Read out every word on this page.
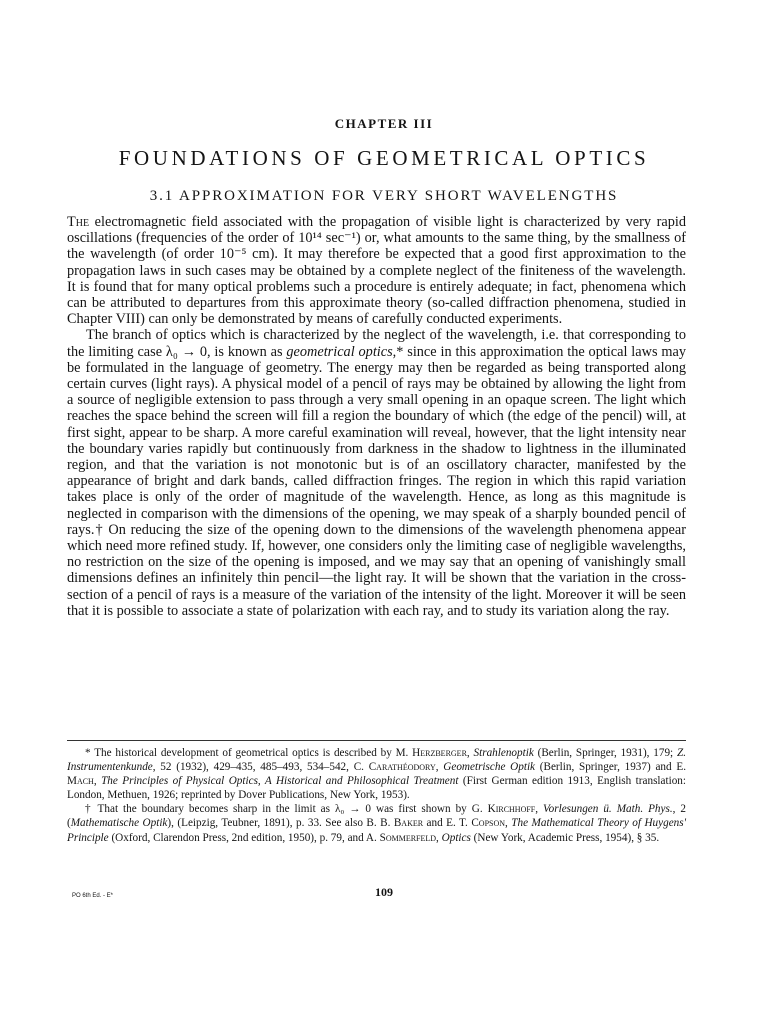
CHAPTER III
FOUNDATIONS OF GEOMETRICAL OPTICS
3.1 APPROXIMATION FOR VERY SHORT WAVELENGTHS

The electromagnetic field associated with the propagation of visible light is characterized by very rapid oscillations (frequencies of the order of 10¹⁴ sec⁻¹) or, what amounts to the same thing, by the smallness of the wavelength (of order 10⁻⁵ cm). It may therefore be expected that a good first approximation to the propagation laws in such cases may be obtained by a complete neglect of the finiteness of the wavelength. It is found that for many optical problems such a procedure is entirely adequate; in fact, phenomena which can be attributed to departures from this approximate theory (so-called diffraction phenomena, studied in Chapter VIII) can only be demonstrated by means of carefully conducted experiments.

The branch of optics which is characterized by the neglect of the wavelength, i.e. that corresponding to the limiting case λ₀ → 0, is known as geometrical optics,* since in this approximation the optical laws may be formulated in the language of geometry. The energy may then be regarded as being transported along certain curves (light rays). A physical model of a pencil of rays may be obtained by allowing the light from a source of negligible extension to pass through a very small opening in an opaque screen. The light which reaches the space behind the screen will fill a region the boundary of which (the edge of the pencil) will, at first sight, appear to be sharp. A more careful examination will reveal, however, that the light intensity near the boundary varies rapidly but continuously from darkness in the shadow to lightness in the illuminated region, and that the variation is not monotonic but is of an oscillatory character, manifested by the appearance of bright and dark bands, called diffraction fringes. The region in which this rapid variation takes place is only of the order of magnitude of the wavelength. Hence, as long as this magnitude is neglected in comparison with the dimensions of the opening, we may speak of a sharply bounded pencil of rays.† On reducing the size of the opening down to the dimensions of the wavelength phenomena appear which need more refined study. If, however, one considers only the limiting case of negligible wavelengths, no restriction on the size of the opening is imposed, and we may say that an opening of vanishingly small dimensions defines an infinitely thin pencil—the light ray. It will be shown that the variation in the cross-section of a pencil of rays is a measure of the variation of the intensity of the light. Moreover it will be seen that it is possible to associate a state of polarization with each ray, and to study its variation along the ray.

* The historical development of geometrical optics is described by M. Herzberger, Strahlenoptik (Berlin, Springer, 1931), 179; Z. Instrumentenkunde, 52 (1932), 429–435, 485–493, 534–542, C. Carathéodory, Geometrische Optik (Berlin, Springer, 1937) and E. Mach, The Principles of Physical Optics, A Historical and Philosophical Treatment (First German edition 1913, English translation: London, Methuen, 1926; reprinted by Dover Publications, New York, 1953).

† That the boundary becomes sharp in the limit as λ₀ → 0 was first shown by G. Kirchhoff, Vorlesungen ü. Math. Phys., 2 (Mathematische Optik), (Leipzig, Teubner, 1891), p. 33. See also B. B. Baker and E. T. Copson, The Mathematical Theory of Huygens' Principle (Oxford, Clarendon Press, 2nd edition, 1950), p. 79, and A. Sommerfeld, Optics (New York, Academic Press, 1954), § 35.

109
PO 6th Ed. - E*
